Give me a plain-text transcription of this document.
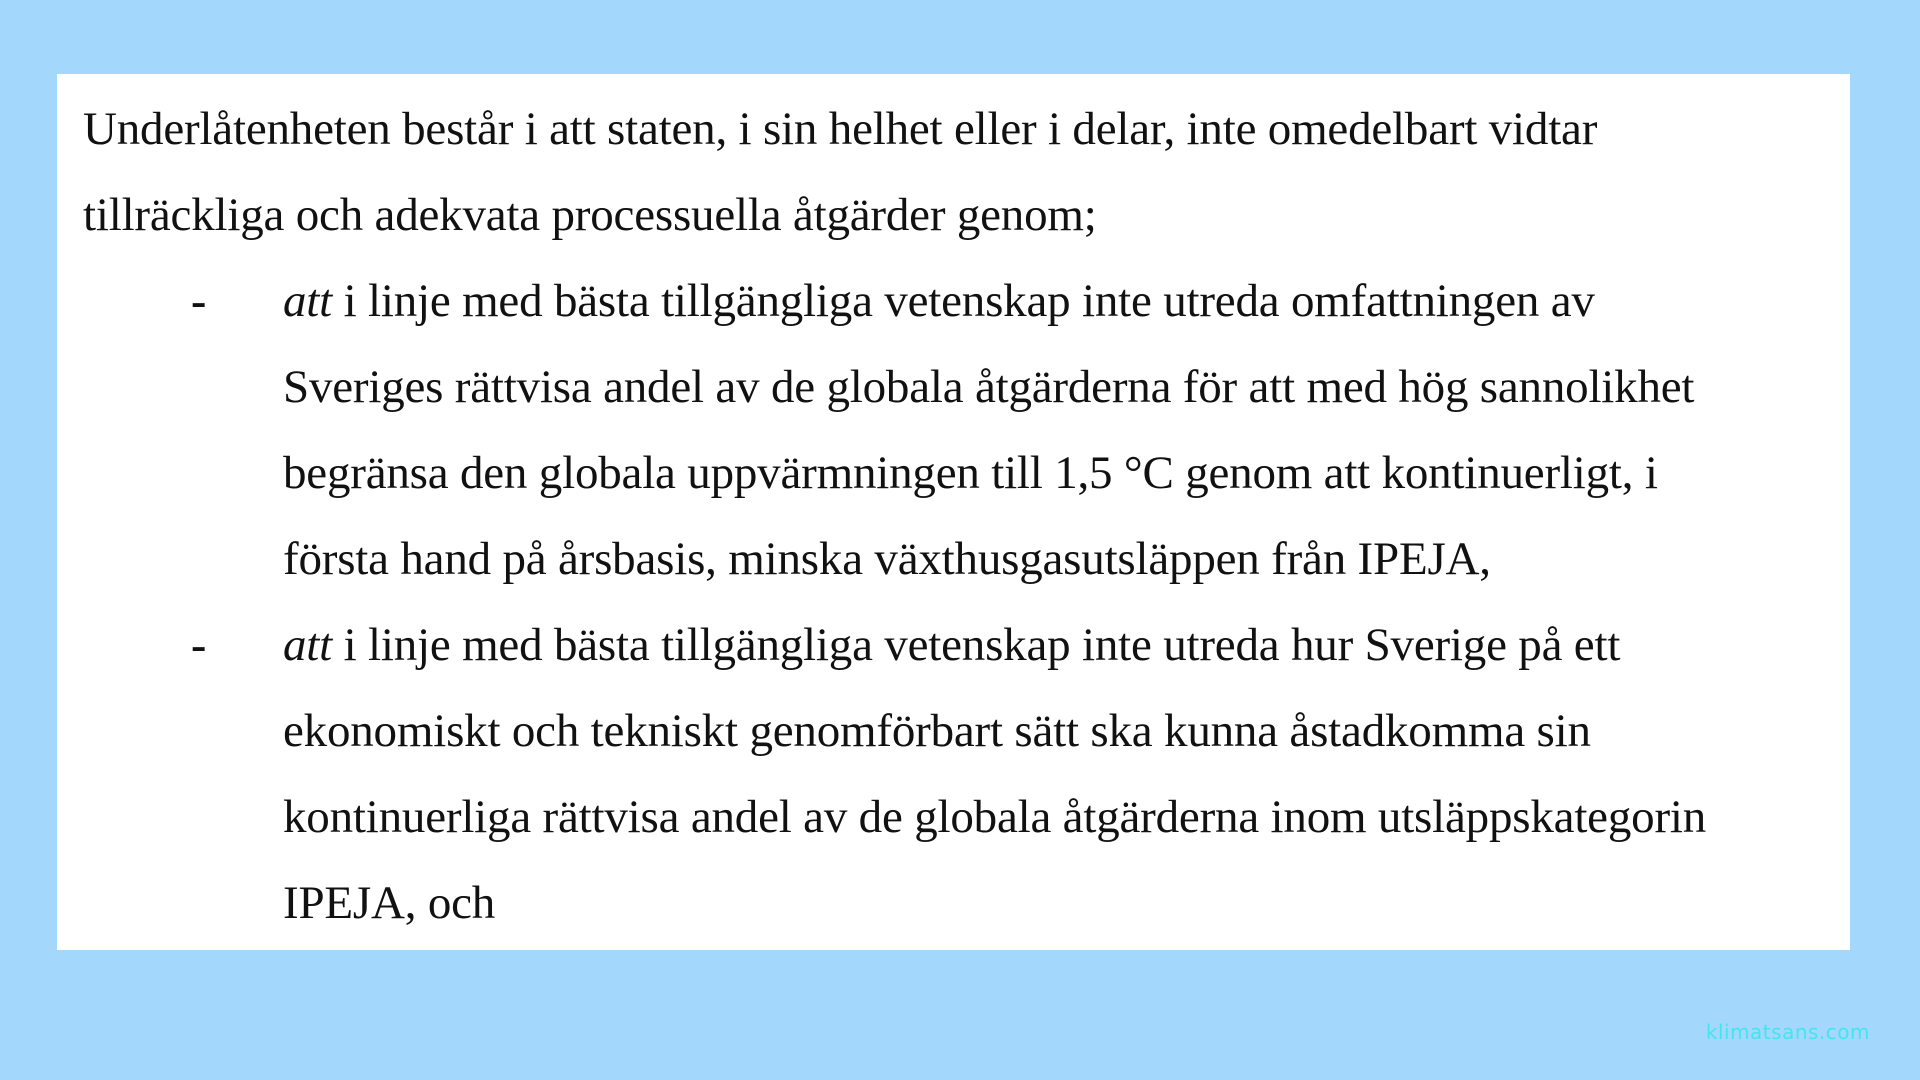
Underlåtenheten består i att staten, i sin helhet eller i delar, inte omedelbart vidtar
tillräckliga och adekvata processuella åtgärder genom;
-	att i linje med bästa tillgängliga vetenskap inte utreda omfattningen av
Sveriges rättvisa andel av de globala åtgärderna för att med hög sannolikhet
begränsa den globala uppvärmningen till 1,5 °C genom att kontinuerligt, i
första hand på årsbasis, minska växthusgasutsläppen från IPEJA,
-	att i linje med bästa tillgängliga vetenskap inte utreda hur Sverige på ett
ekonomiskt och tekniskt genomförbart sätt ska kunna åstadkomma sin
kontinuerliga rättvisa andel av de globala åtgärderna inom utsläppskategorin
IPEJA, och
klimatsans.com
